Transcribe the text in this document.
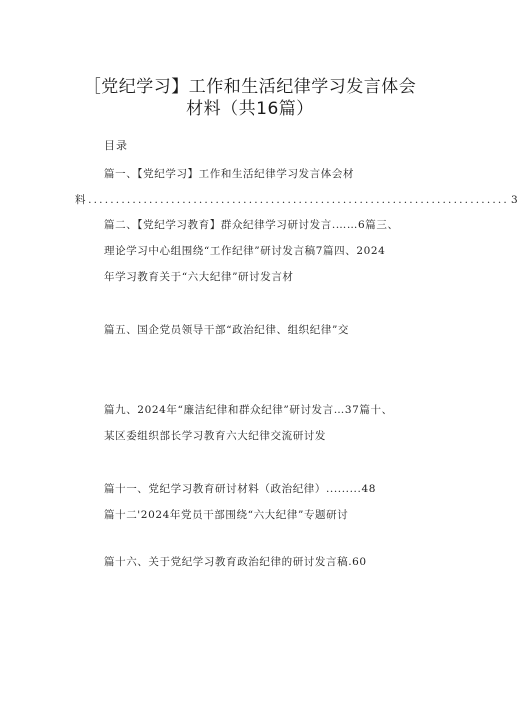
［党纪学习】工作和生活纪律学习发言体会
材料（共16篇）
目录
篇一、【党纪学习】工作和生活纪律学习发言体会材
料 ............................................................................ 3
篇二、【党纪学习教育】群众纪律学习研讨发言.……6篇三、
理论学习中心组围绕“工作纪律”研讨发言稿7篇四、2024
年学习教育关于“六大纪律”研讨发言材
篇五、国企党员领导干部“政治纪律、组织纪律”交
篇九、2024年“廉洁纪律和群众纪律”研讨发言…37篇十、
某区委组织部长学习教育六大纪律交流研讨发
篇十一、党纪学习教育研讨材料（政治纪律）.........48
篇十二'2024年党员干部围绕“六大纪律”专题研讨
篇十六、关于党纪学习教育政治纪律的研讨发言稿.60
